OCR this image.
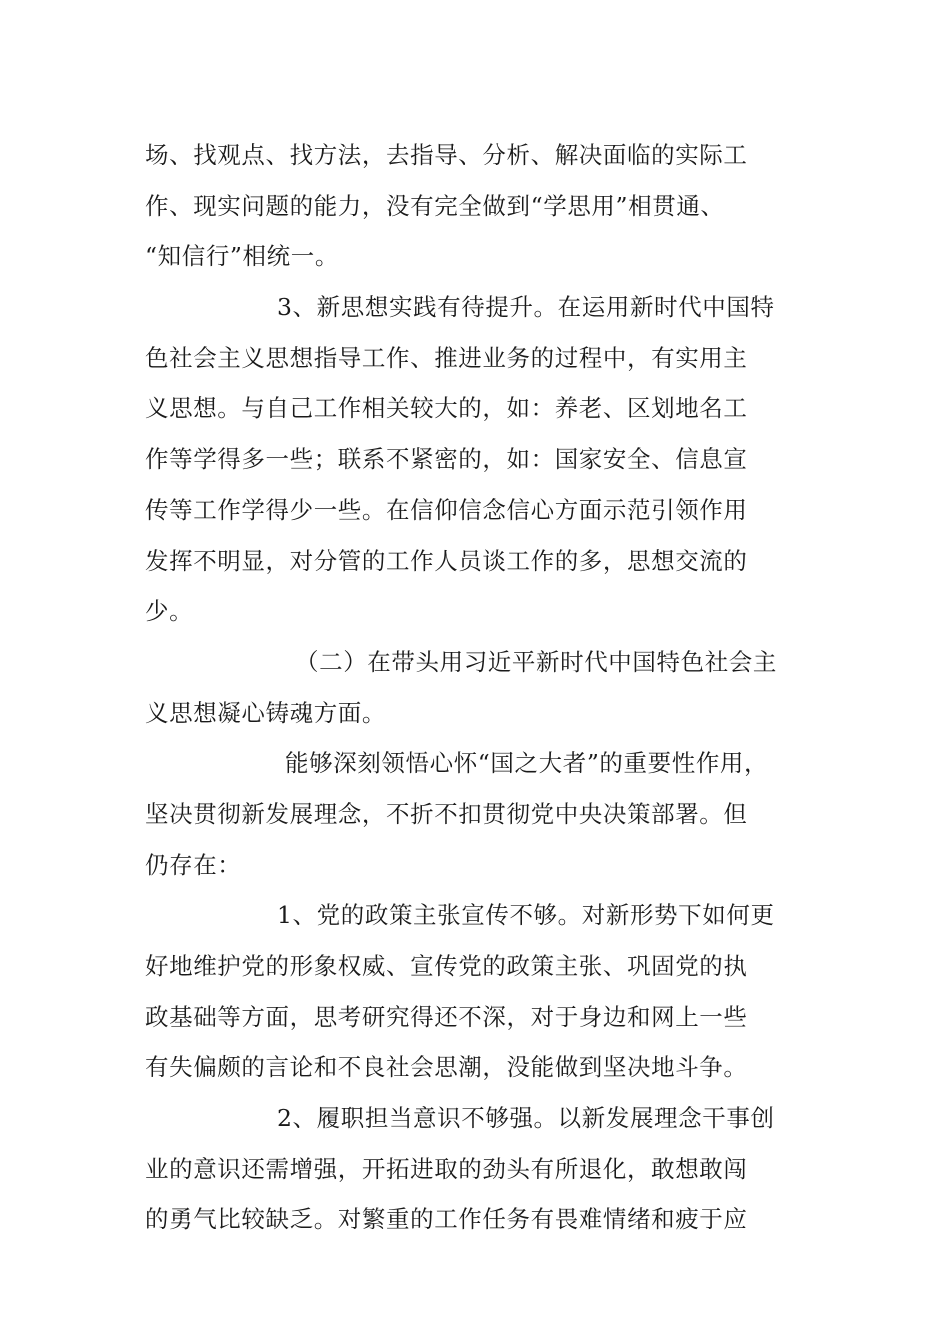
场、找观点、找方法，去指导、分析、解决面临的实际工
作、现实问题的能力，没有完全做到“学思用”相贯通、
“知信行”相统一。
3、新思想实践有待提升。在运用新时代中国特
色社会主义思想指导工作、推进业务的过程中，有实用主
义思想。与自己工作相关较大的，如：养老、区划地名工
作等学得多一些；联系不紧密的，如：国家安全、信息宣
传等工作学得少一些。在信仰信念信心方面示范引领作用
发挥不明显，对分管的工作人员谈工作的多，思想交流的
少。
（二）在带头用习近平新时代中国特色社会主
义思想凝心铸魂方面。
能够深刻领悟心怀“国之大者”的重要性作用，
坚决贯彻新发展理念，不折不扣贯彻党中央决策部署。但
仍存在：
1、党的政策主张宣传不够。对新形势下如何更
好地维护党的形象权威、宣传党的政策主张、巩固党的执
政基础等方面，思考研究得还不深，对于身边和网上一些
有失偏颇的言论和不良社会思潮，没能做到坚决地斗争。
2、履职担当意识不够强。以新发展理念干事创
业的意识还需增强，开拓进取的劲头有所退化，敢想敢闯
的勇气比较缺乏。对繁重的工作任务有畏难情绪和疲于应
